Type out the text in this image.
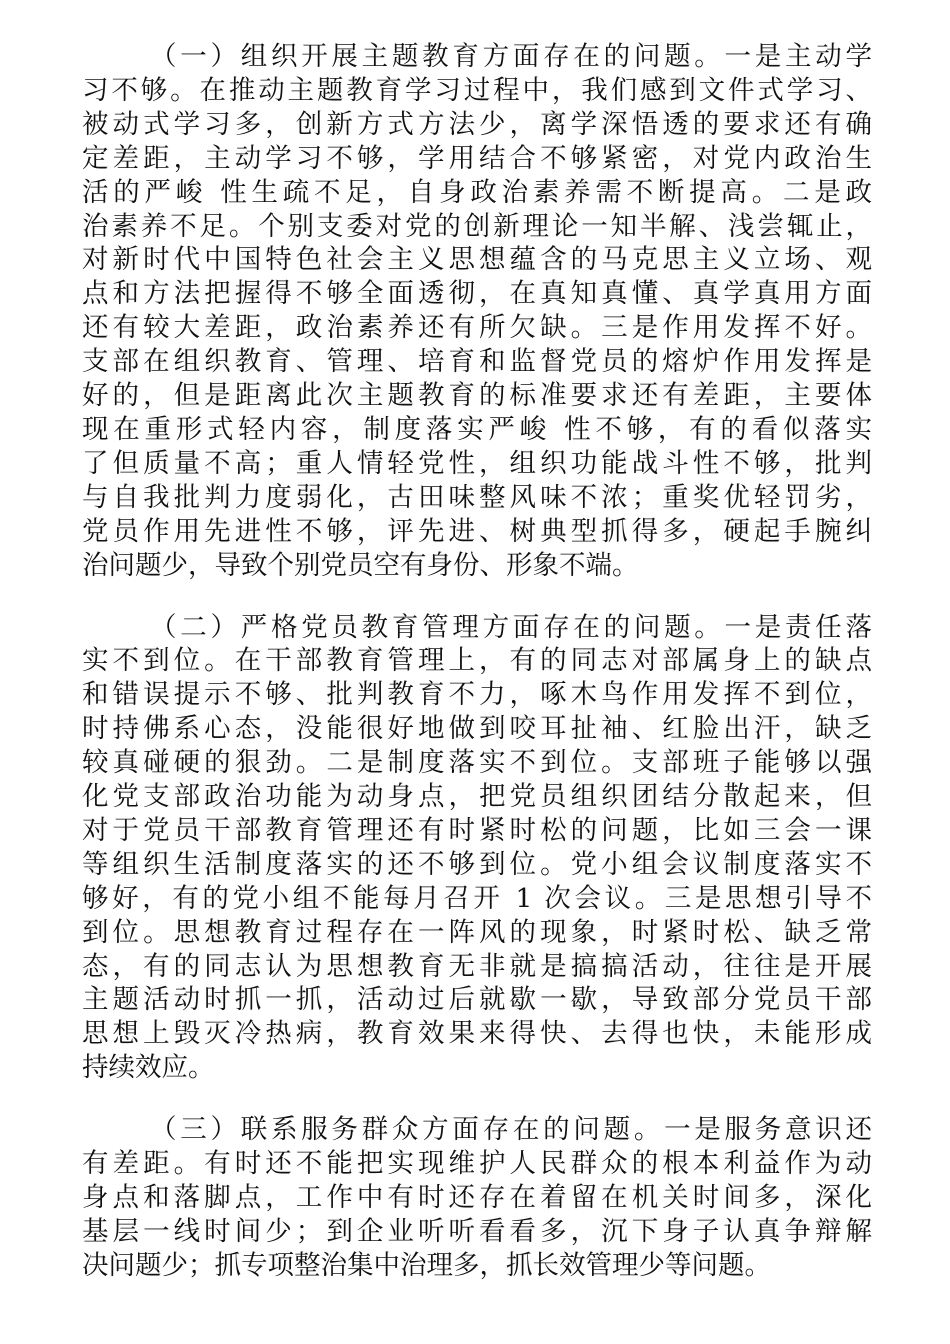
（一）组织开展主题教育方面存在的问题。一是主动学
习不够。在推动主题教育学习过程中，我们感到文件式学习、
被动式学习多，创新方式方法少，离学深悟透的要求还有确
定差距，主动学习不够，学用结合不够紧密，对党内政治生
活的严峻 性生疏不足，自身政治素养需不断提高。二是政
治素养不足。个别支委对党的创新理论一知半解、浅尝辄止，
对新时代中国特色社会主义思想蕴含的马克思主义立场、观
点和方法把握得不够全面透彻，在真知真懂、真学真用方面
还有较大差距，政治素养还有所欠缺。三是作用发挥不好。
支部在组织教育、管理、培育和监督党员的熔炉作用发挥是
好的，但是距离此次主题教育的标准要求还有差距，主要体
现在重形式轻内容，制度落实严峻 性不够，有的看似落实
了但质量不高；重人情轻党性，组织功能战斗性不够，批判
与自我批判力度弱化，古田味整风味不浓；重奖优轻罚劣，
党员作用先进性不够，评先进、树典型抓得多，硬起手腕纠
治问题少，导致个别党员空有身份、形象不端。

（二）严格党员教育管理方面存在的问题。一是责任落
实不到位。在干部教育管理上，有的同志对部属身上的缺点
和错误提示不够、批判教育不力，啄木鸟作用发挥不到位，
时持佛系心态，没能很好地做到咬耳扯袖、红脸出汗，缺乏
较真碰硬的狠劲。二是制度落实不到位。支部班子能够以强
化党支部政治功能为动身点，把党员组织团结分散起来，但
对于党员干部教育管理还有时紧时松的问题，比如三会一课
等组织生活制度落实的还不够到位。党小组会议制度落实不
够好，有的党小组不能每月召开 1 次会议。三是思想引导不
到位。思想教育过程存在一阵风的现象，时紧时松、缺乏常
态，有的同志认为思想教育无非就是搞搞活动，往往是开展
主题活动时抓一抓，活动过后就歇一歇，导致部分党员干部
思想上毁灭冷热病，教育效果来得快、去得也快，未能形成
持续效应。

（三）联系服务群众方面存在的问题。一是服务意识还
有差距。有时还不能把实现维护人民群众的根本利益作为动
身点和落脚点，工作中有时还存在着留在机关时间多，深化
基层一线时间少；到企业听听看看多，沉下身子认真争辩解
决问题少；抓专项整治集中治理多，抓长效管理少等问题。
